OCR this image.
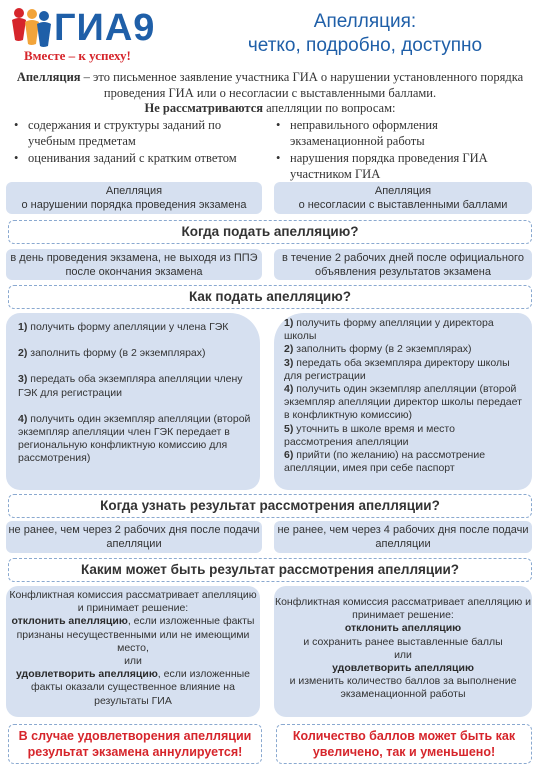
ГИА9
Вместе – к успеху!
Апелляция:
четко, подробно, доступно
Апелляция – это письменное заявление участника ГИА о нарушении установленного порядка проведения ГИА или о несогласии с выставленными баллами.
Не рассматриваются апелляции по вопросам:
• содержания и структуры заданий по учебным предметам
• оценивания заданий с кратким ответом
• неправильного оформления экзаменационной работы
• нарушения порядка проведения ГИА участником ГИА
Апелляция
о нарушении порядка проведения экзамена
Апелляция
о несогласии с выставленными баллами
Когда подать апелляцию?
в день проведения экзамена, не выходя из ППЭ после окончания экзамена
в течение 2 рабочих дней после официального объявления результатов экзамена
Как подать апелляцию?
1) получить форму апелляции у члена ГЭК
2) заполнить форму (в 2 экземплярах)
3) передать оба экземпляра апелляции члену ГЭК для регистрации
4) получить один экземпляр апелляции (второй экземпляр апелляции член ГЭК передает в региональную конфликтную комиссию для рассмотрения)
1) получить форму апелляции у директора школы
2) заполнить форму (в 2 экземплярах)
3) передать оба экземпляра директору школы для регистрации
4) получить один экземпляр апелляции (второй экземпляр апелляции директор школы передает в конфликтную комиссию)
5) уточнить в школе время и место рассмотрения апелляции
6) прийти (по желанию) на рассмотрение апелляции, имея при себе паспорт
Когда узнать результат рассмотрения апелляции?
не ранее, чем через 2 рабочих дня после подачи апелляции
не ранее, чем через 4 рабочих дня после подачи апелляции
Каким может быть результат рассмотрения апелляции?
Конфликтная комиссия рассматривает апелляцию и принимает решение:
отклонить апелляцию, если изложенные факты признаны несущественными или не имеющими место,
или
удовлетворить апелляцию, если изложенные факты оказали существенное влияние на результаты ГИА
Конфликтная комиссия рассматривает апелляцию и принимает решение:
отклонить апелляцию
и сохранить ранее выставленные баллы
или
удовлетворить апелляцию
и изменить количество баллов за выполнение экзаменационной работы
В случае удовлетворения апелляции результат экзамена аннулируется!
Количество баллов может быть как увеличено, так и уменьшено!
